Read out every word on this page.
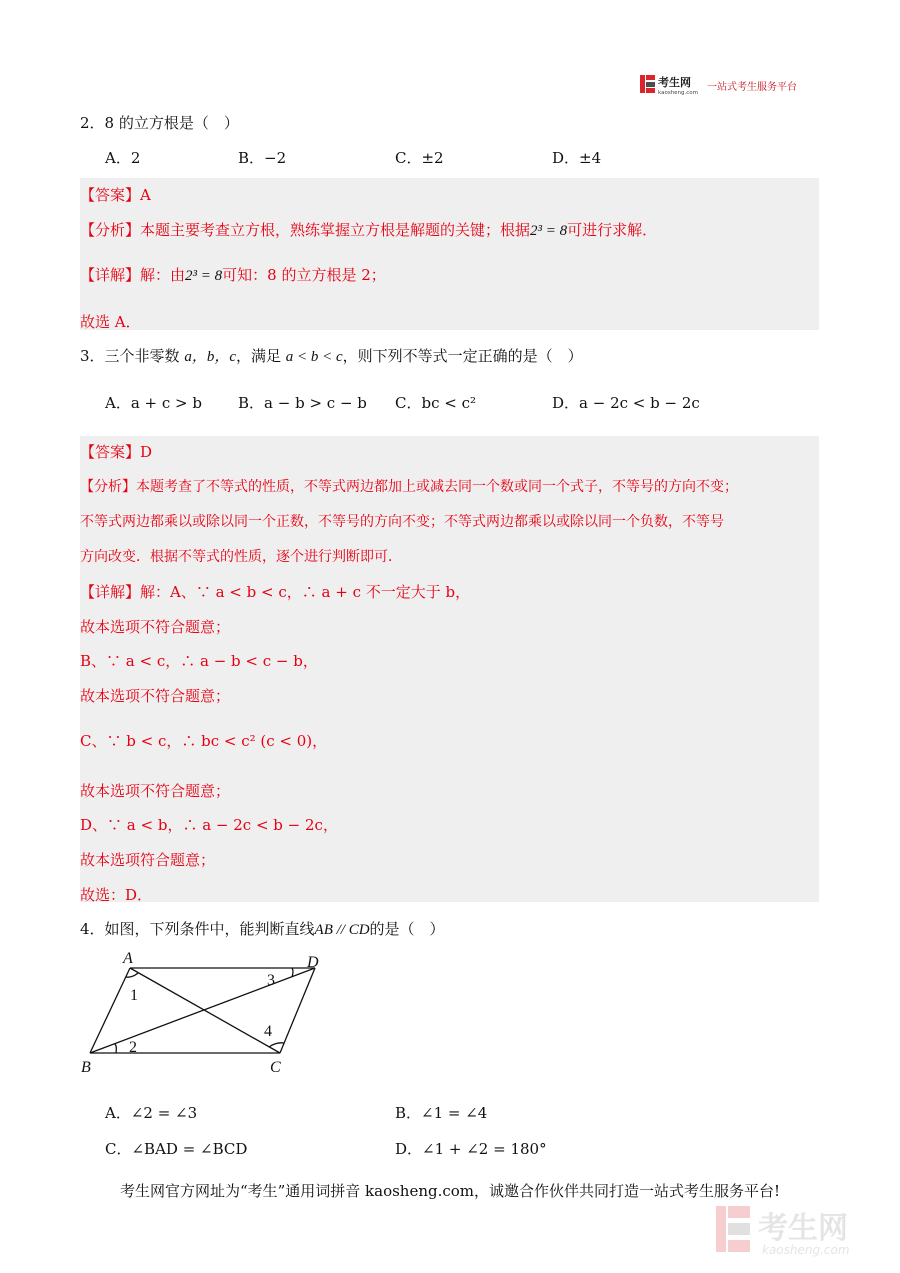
考生网
kaosheng.com 一站式考生服务平台
2．8 的立方根是（　）
A．2	B．−2	C．±2	D．±4
【答案】A
【分析】本题主要考查立方根，熟练掌握立方根是解题的关键；根据2³ = 8可进行求解．
【详解】解：由2³ = 8可知：8 的立方根是 2；
故选 A．
3．三个非零数 a，b，c，满足 a < b < c，则下列不等式一定正确的是（　）
A．a + c > b B．a − b > c − b C．bc < c²	D．a − 2c < b − 2c
【答案】D
【分析】本题考查了不等式的性质，不等式两边都加上或减去同一个数或同一个式子，不等号的方向不变；
不等式两边都乘以或除以同一个正数，不等号的方向不变；不等式两边都乘以或除以同一个负数，不等号
方向改变．根据不等式的性质，逐个进行判断即可．
【详解】解：A、∵ a < b < c，∴ a + c 不一定大于 b，
故本选项不符合题意；
B、∵ a < c，∴ a − b < c − b，
故本选项不符合题意；
C、∵ b < c，∴ bc < c² (c < 0)，
故本选项不符合题意；
D、∵ a < b，∴ a − 2c < b − 2c，
故本选项符合题意；
故选：D．
4．如图，下列条件中，能判断直线AB // CD的是（　）
A	D
B	C
1
2
3
4
A．∠2 = ∠3	B．∠1 = ∠4
C．∠BAD = ∠BCD	D．∠1 + ∠2 = 180°
考生网官方网址为“考生”通用词拼音 kaosheng.com，诚邀合作伙伴共同打造一站式考生服务平台!
考生网
kaosheng.com
